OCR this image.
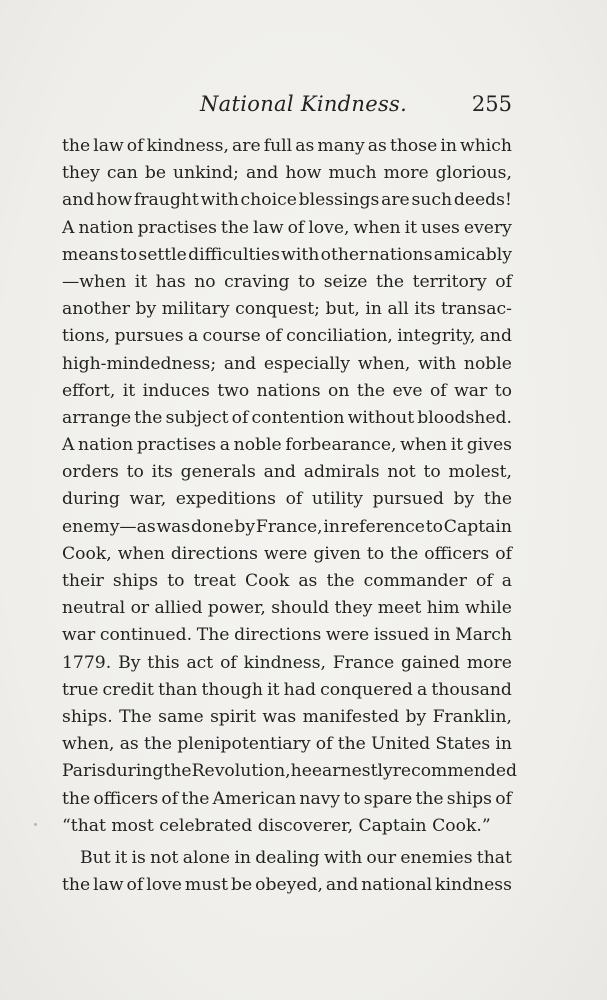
National Kindness.	255
the law of kindness, are full as many as those in which
they can be unkind; and how much more glorious,
and how fraught with choice blessings are such deeds!
A nation practises the law of love, when it uses every
means to settle difficulties with other nations amicably
—when it has no craving to seize the territory of
another by military conquest; but, in all its transac-
tions, pursues a course of conciliation, integrity, and
high-mindedness; and especially when, with noble
effort, it induces two nations on the eve of war to
arrange the subject of contention without bloodshed.
A nation practises a noble forbearance, when it gives
orders to its generals and admirals not to molest,
during war, expeditions of utility pursued by the
enemy—as was done by France, in reference to Captain
Cook, when directions were given to the officers of
their ships to treat Cook as the commander of a
neutral or allied power, should they meet him while
war continued. The directions were issued in March
1779. By this act of kindness, France gained more
true credit than though it had conquered a thousand
ships. The same spirit was manifested by Franklin,
when, as the plenipotentiary of the United States in
Paris during the Revolution, he earnestly recommended
the officers of the American navy to spare the ships of
“that most celebrated discoverer, Captain Cook.”
But it is not alone in dealing with our enemies that
the law of love must be obeyed, and national kindness
